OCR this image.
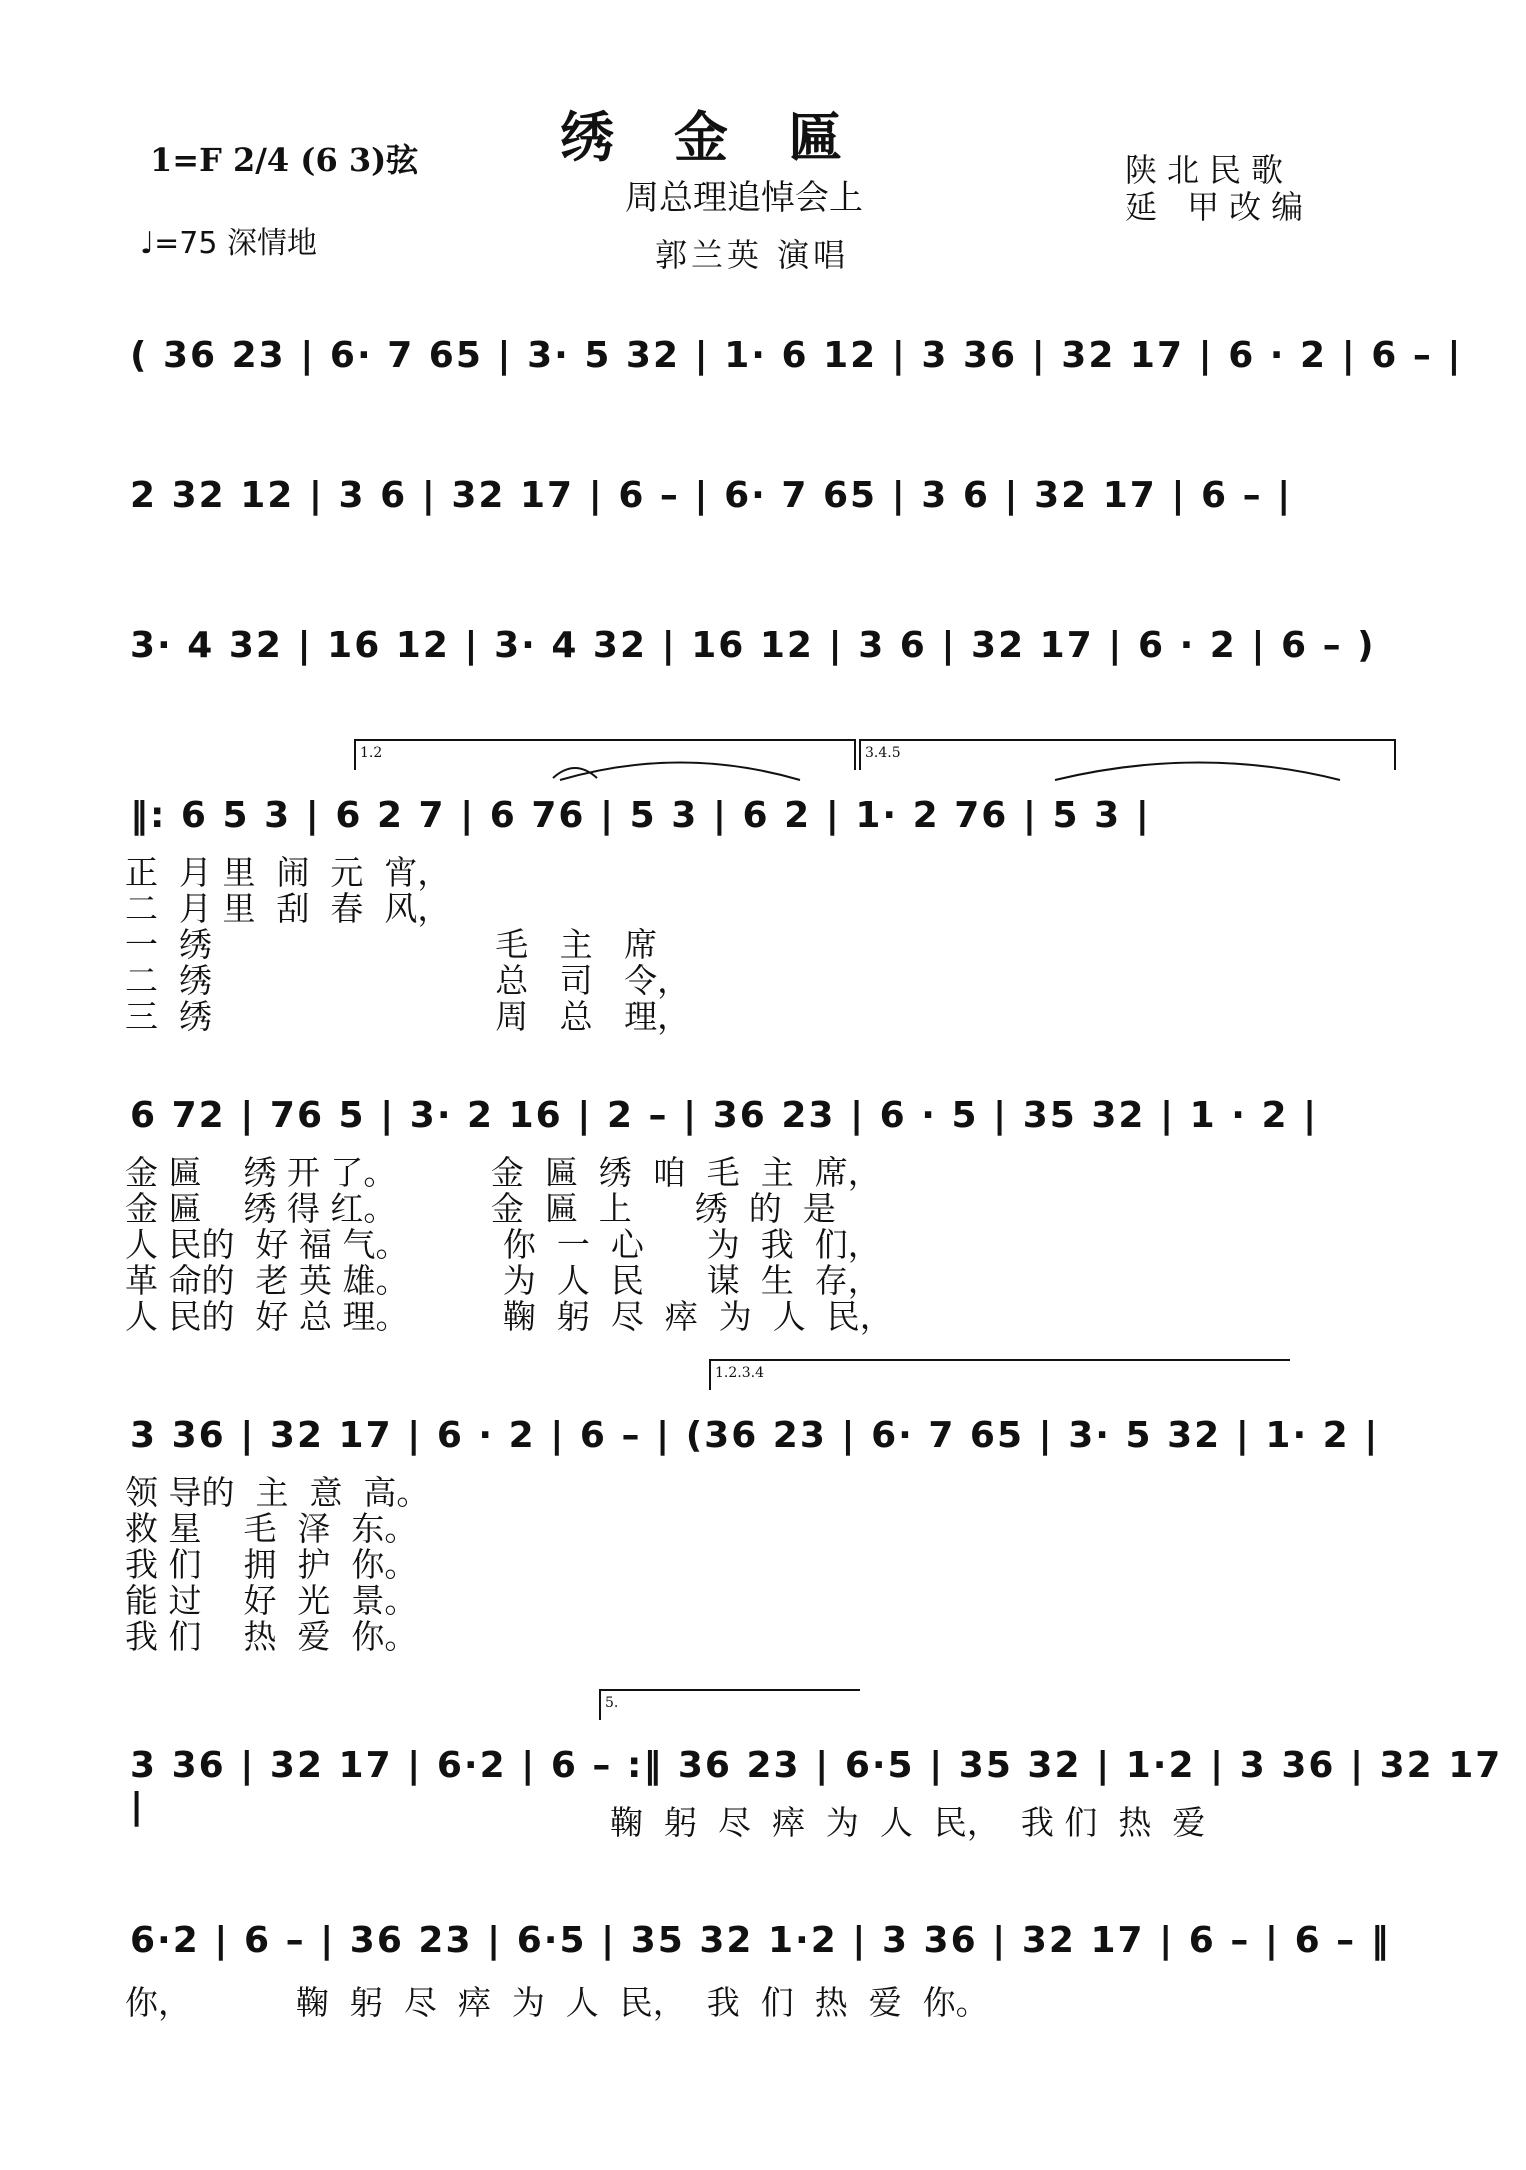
绣金匾
周总理追悼会上
郭兰英 演唱
1=F 2/4 (6 3)弦
♩=75 深情地
陕北民歌
延 甲改编
( 36 23 | 6· 7 65 | 3· 5 32 | 1· 6 12 | 3 36 | 32 17 | 6 · 2 | 6 – |
2 32 12 | 3 6 | 32 17 | 6 – | 6· 7 65 | 3 6 | 32 17 | 6 – |
3· 4 32 | 16 12 | 3· 4 32 | 16 12 | 3 6 | 32 17 | 6 · 2 | 6 – )
1.2	3.4.5
‖: 6 5 3 | 6 2 7 | 6 76 | 5 3 | 6 2 | 1· 2 76 | 5 3 |
正  月 里  闹  元  宵，
二  月 里  刮  春  风，
一  绣                           毛   主   席
二  绣                           总   司   令，
三  绣                           周   总   理，
6 72 | 76 5 | 3· 2 16 | 2 – | 36 23 | 6 · 5 | 35 32 | 1 · 2 |
金 匾    绣 开 了。         金  匾  绣  咱  毛  主  席，
金 匾    绣 得 红。         金  匾  上      绣  的  是
人 民的  好 福 气。         你  一  心      为  我  们，
革 命的  老 英 雄。         为  人  民      谋  生  存，
人 民的  好 总 理。         鞠  躬  尽  瘁  为  人  民，
1.2.3.4
3 36 | 32 17 | 6 · 2 | 6 – | (36 23 | 6· 7 65 | 3· 5 32 | 1· 2 |
领 导的  主  意  高。
救 星    毛  泽  东。
我 们    拥  护  你。
能 过    好  光  景。
我 们    热  爱  你。
5.
3 36 | 32 17 | 6·2 | 6 – :‖ 36 23 | 6·5 | 35 32 | 1·2 | 3 36 | 32 17 |	鞠  躬  尽  瘁  为  人  民，  我 们  热  爱
6·2 | 6 – | 36 23 | 6·5 | 35 32 1·2 | 3 36 | 32 17 | 6 – | 6 – ‖
你，          鞠  躬  尽  瘁  为  人  民，  我  们  热  爱  你。
